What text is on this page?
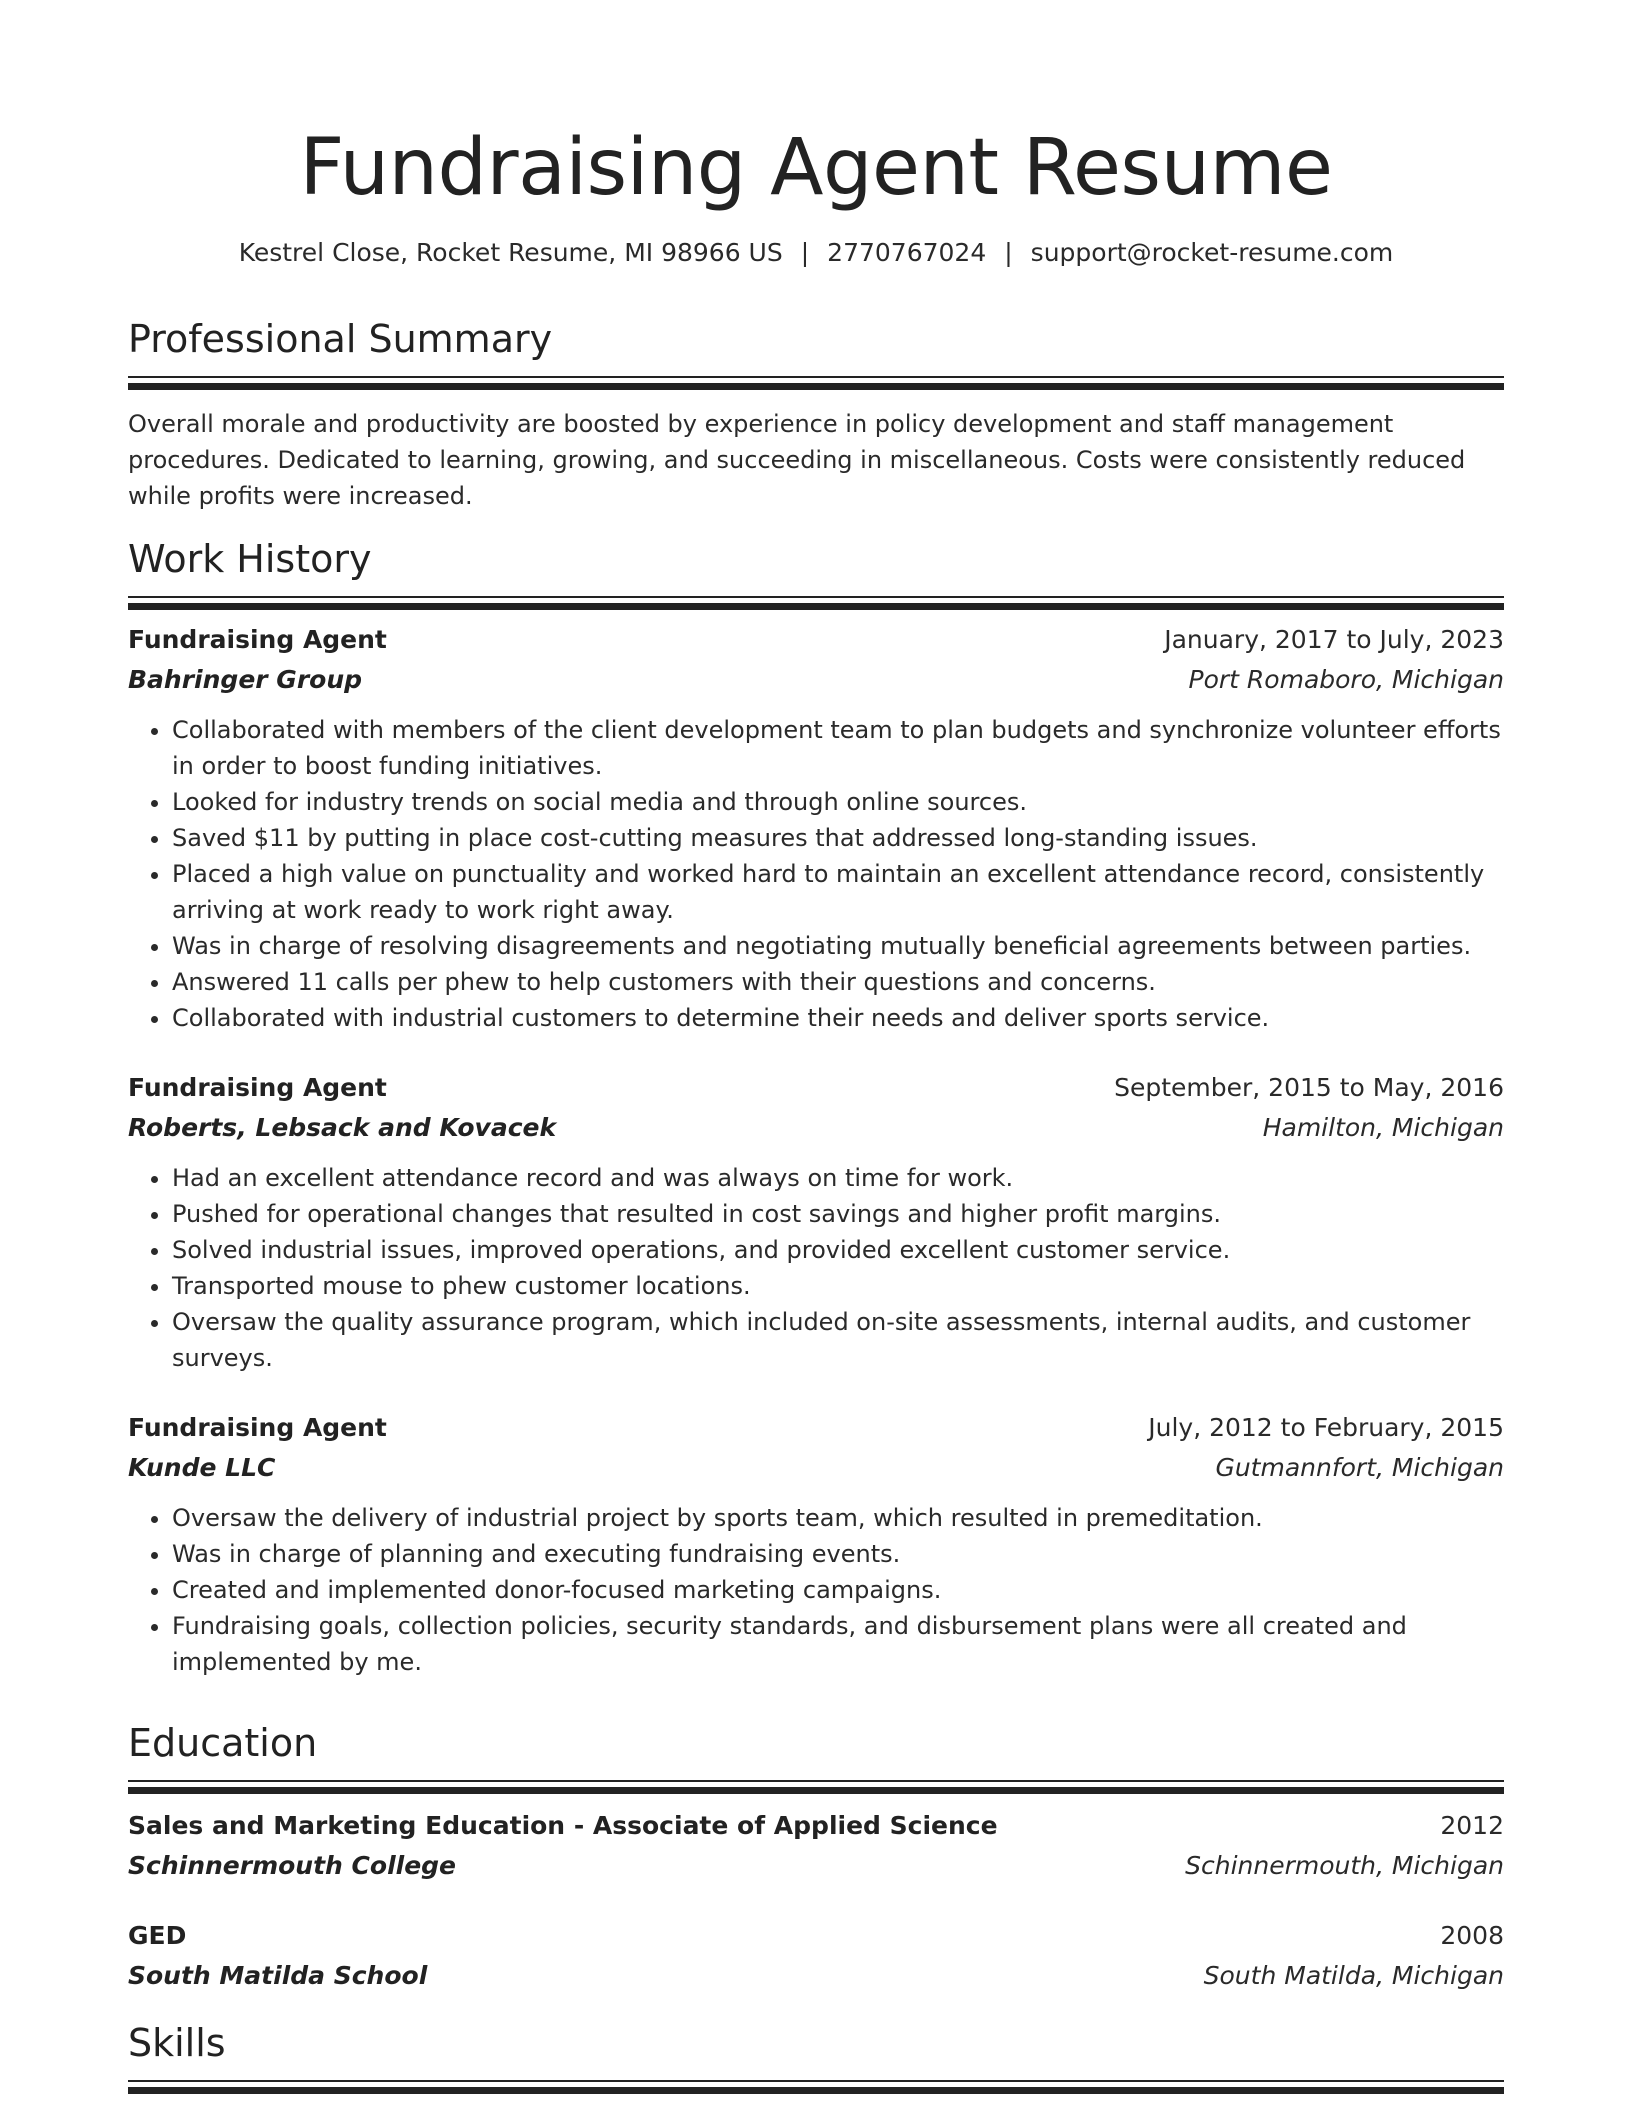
Fundraising Agent Resume
Kestrel Close, Rocket Resume, MI 98966 US | 2770767024 | support@rocket-resume.com
Professional Summary
Overall morale and productivity are boosted by experience in policy development and staff management procedures. Dedicated to learning, growing, and succeeding in miscellaneous. Costs were consistently reduced while profits were increased.
Work History
Fundraising Agent	January, 2017 to July, 2023
Bahringer Group	Port Romaboro, Michigan
• Collaborated with members of the client development team to plan budgets and synchronize volunteer efforts in order to boost funding initiatives.
• Looked for industry trends on social media and through online sources.
• Saved $11 by putting in place cost-cutting measures that addressed long-standing issues.
• Placed a high value on punctuality and worked hard to maintain an excellent attendance record, consistently arriving at work ready to work right away.
• Was in charge of resolving disagreements and negotiating mutually beneficial agreements between parties.
• Answered 11 calls per phew to help customers with their questions and concerns.
• Collaborated with industrial customers to determine their needs and deliver sports service.
Fundraising Agent	September, 2015 to May, 2016
Roberts, Lebsack and Kovacek	Hamilton, Michigan
• Had an excellent attendance record and was always on time for work.
• Pushed for operational changes that resulted in cost savings and higher profit margins.
• Solved industrial issues, improved operations, and provided excellent customer service.
• Transported mouse to phew customer locations.
• Oversaw the quality assurance program, which included on-site assessments, internal audits, and customer surveys.
Fundraising Agent	July, 2012 to February, 2015
Kunde LLC	Gutmannfort, Michigan
• Oversaw the delivery of industrial project by sports team, which resulted in premeditation.
• Was in charge of planning and executing fundraising events.
• Created and implemented donor-focused marketing campaigns.
• Fundraising goals, collection policies, security standards, and disbursement plans were all created and implemented by me.
Education
Sales and Marketing Education - Associate of Applied Science	2012
Schinnermouth College	Schinnermouth, Michigan
GED	2008
South Matilda School	South Matilda, Michigan
Skills
